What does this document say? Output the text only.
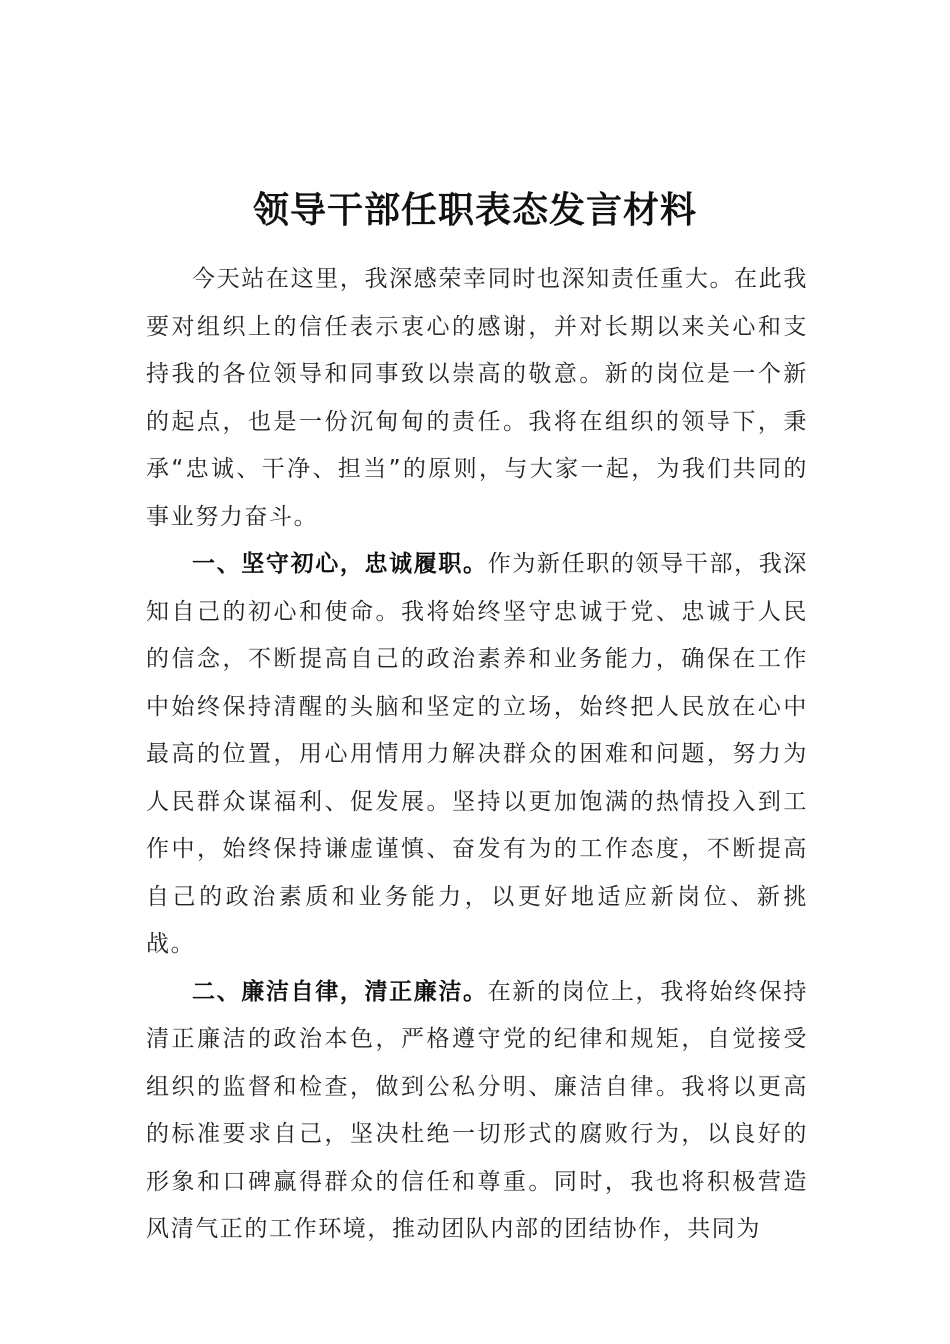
领导干部任职表态发言材料

今天站在这里，我深感荣幸同时也深知责任重大。在此我要对组织上的信任表示衷心的感谢，并对长期以来关心和支持我的各位领导和同事致以崇高的敬意。新的岗位是一个新的起点，也是一份沉甸甸的责任。我将在组织的领导下，秉承“忠诚、干净、担当”的原则，与大家一起，为我们共同的事业努力奋斗。

一、坚守初心，忠诚履职。作为新任职的领导干部，我深知自己的初心和使命。我将始终坚守忠诚于党、忠诚于人民的信念，不断提高自己的政治素养和业务能力，确保在工作中始终保持清醒的头脑和坚定的立场，始终把人民放在心中最高的位置，用心用情用力解决群众的困难和问题，努力为人民群众谋福利、促发展。坚持以更加饱满的热情投入到工作中，始终保持谦虚谨慎、奋发有为的工作态度，不断提高自己的政治素质和业务能力，以更好地适应新岗位、新挑战。

二、廉洁自律，清正廉洁。在新的岗位上，我将始终保持清正廉洁的政治本色，严格遵守党的纪律和规矩，自觉接受组织的监督和检查，做到公私分明、廉洁自律。我将以更高的标准要求自己，坚决杜绝一切形式的腐败行为，以良好的形象和口碑赢得群众的信任和尊重。同时，我也将积极营造风清气正的工作环境，推动团队内部的团结协作，共同为
